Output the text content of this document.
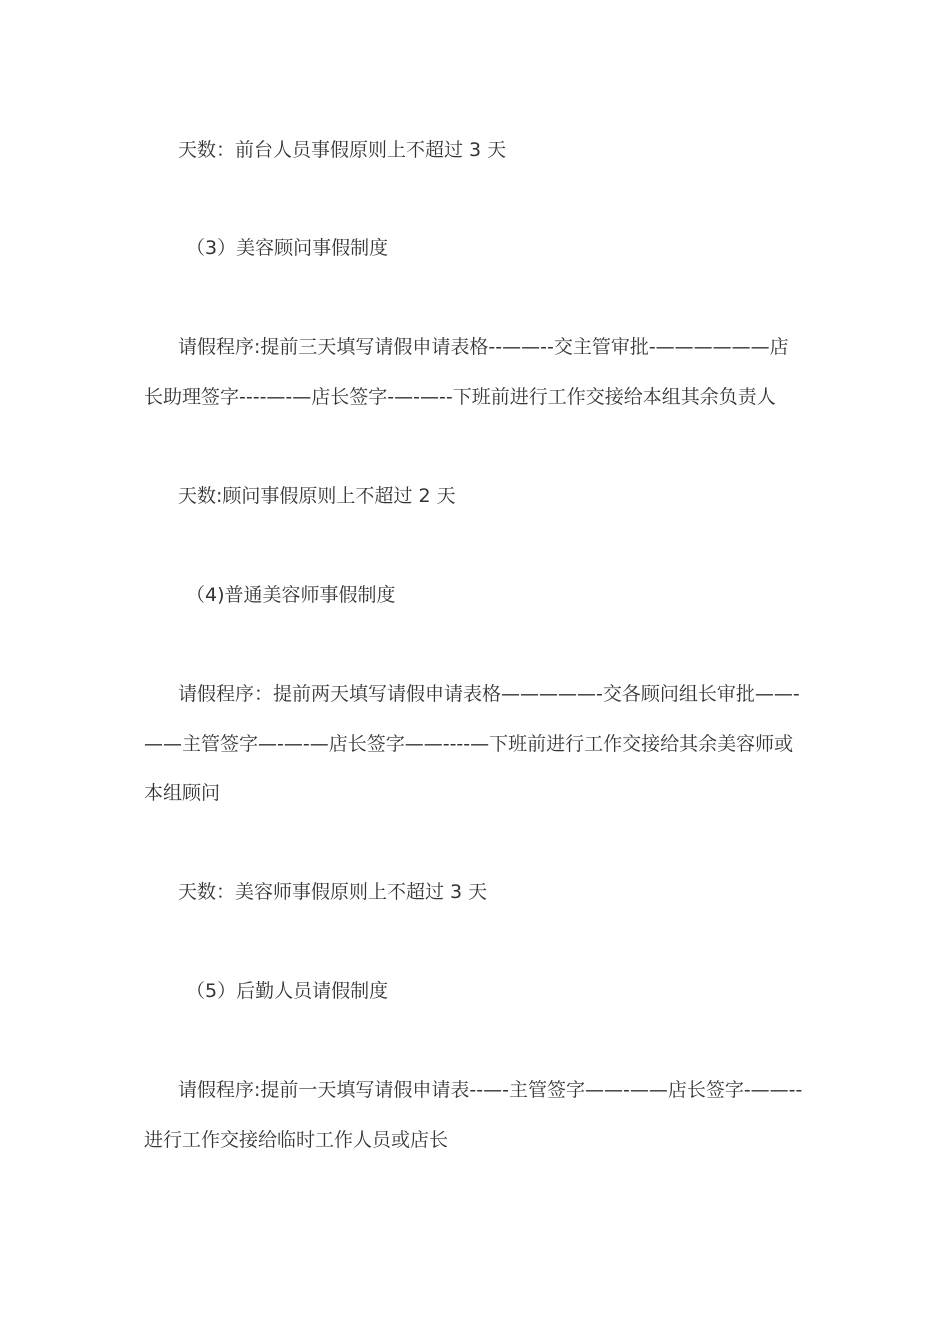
天数：前台人员事假原则上不超过 3 天

（3）美容顾问事假制度

请假程序:提前三天填写请假申请表格--——--交主管审批-——————店长助理签字----—-—店长签字-—-—--下班前进行工作交接给本组其余负责人

天数:顾问事假原则上不超过 2 天

（4)普通美容师事假制度

请假程序：提前两天填写请假申请表格—————-交各顾问组长审批——-——主管签字—-—-—店长签字——----—下班前进行工作交接给其余美容师或本组顾问

天数：美容师事假原则上不超过 3 天

（5）后勤人员请假制度

请假程序:提前一天填写请假申请表--—-主管签字——-——店长签字-——--进行工作交接给临时工作人员或店长
